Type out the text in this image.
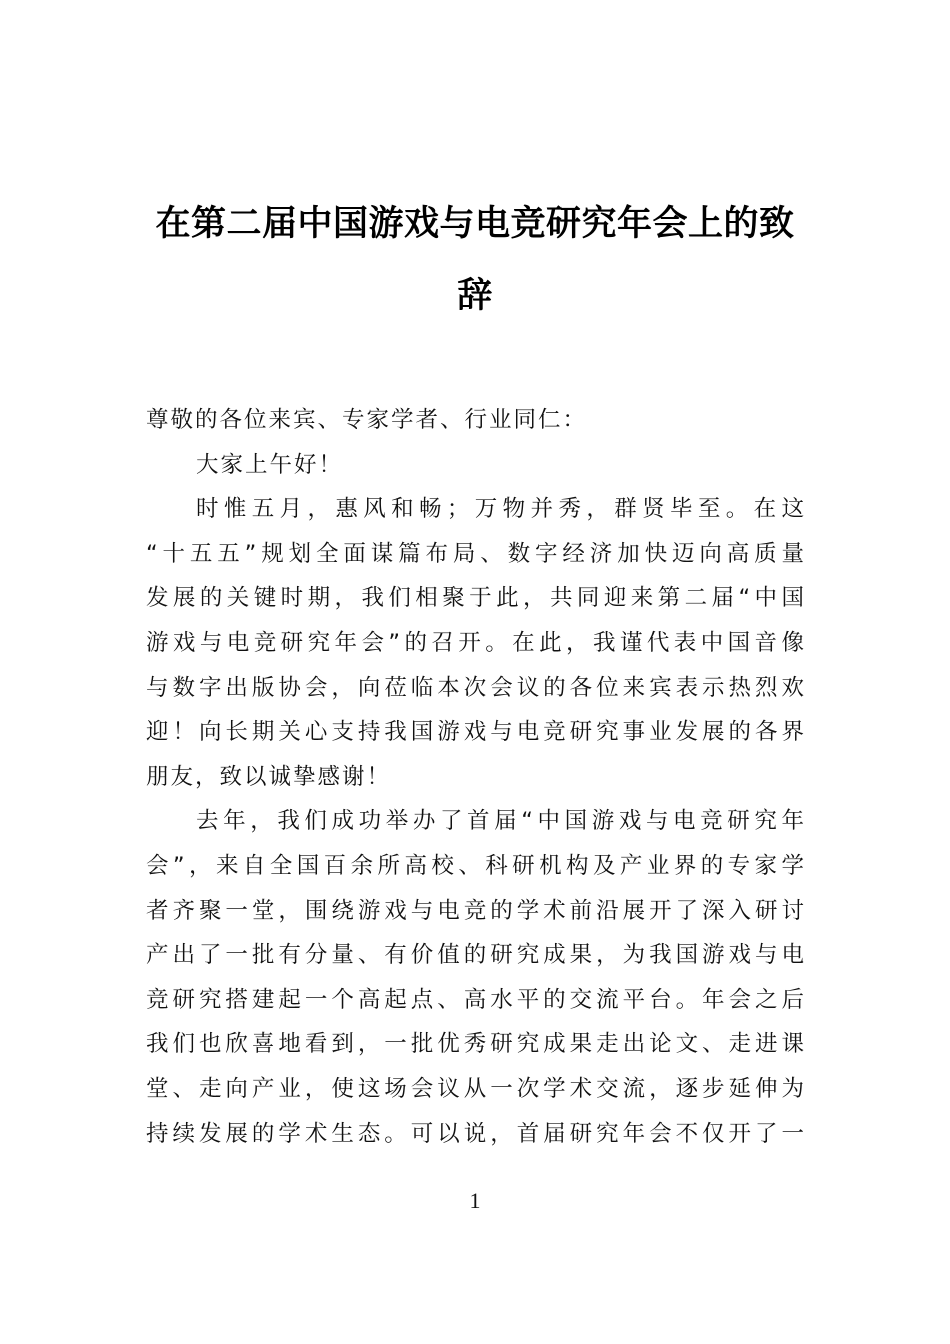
在第二届中国游戏与电竞研究年会上的致
辞
尊敬的各位来宾、专家学者、行业同仁：
大家上午好！
时惟五月，惠风和畅；万物并秀，群贤毕至。在这
“十五五”规划全面谋篇布局、数字经济加快迈向高质量
发展的关键时期，我们相聚于此，共同迎来第二届“中国
游戏与电竞研究年会”的召开。在此，我谨代表中国音像
与数字出版协会，向莅临本次会议的各位来宾表示热烈欢
迎！向长期关心支持我国游戏与电竞研究事业发展的各界
朋友，致以诚挚感谢！
去年，我们成功举办了首届“中国游戏与电竞研究年
会”，来自全国百余所高校、科研机构及产业界的专家学
者齐聚一堂，围绕游戏与电竞的学术前沿展开了深入研讨
产出了一批有分量、有价值的研究成果，为我国游戏与电
竞研究搭建起一个高起点、高水平的交流平台。年会之后
我们也欣喜地看到，一批优秀研究成果走出论文、走进课
堂、走向产业，使这场会议从一次学术交流，逐步延伸为
持续发展的学术生态。可以说，首届研究年会不仅开了一
1
